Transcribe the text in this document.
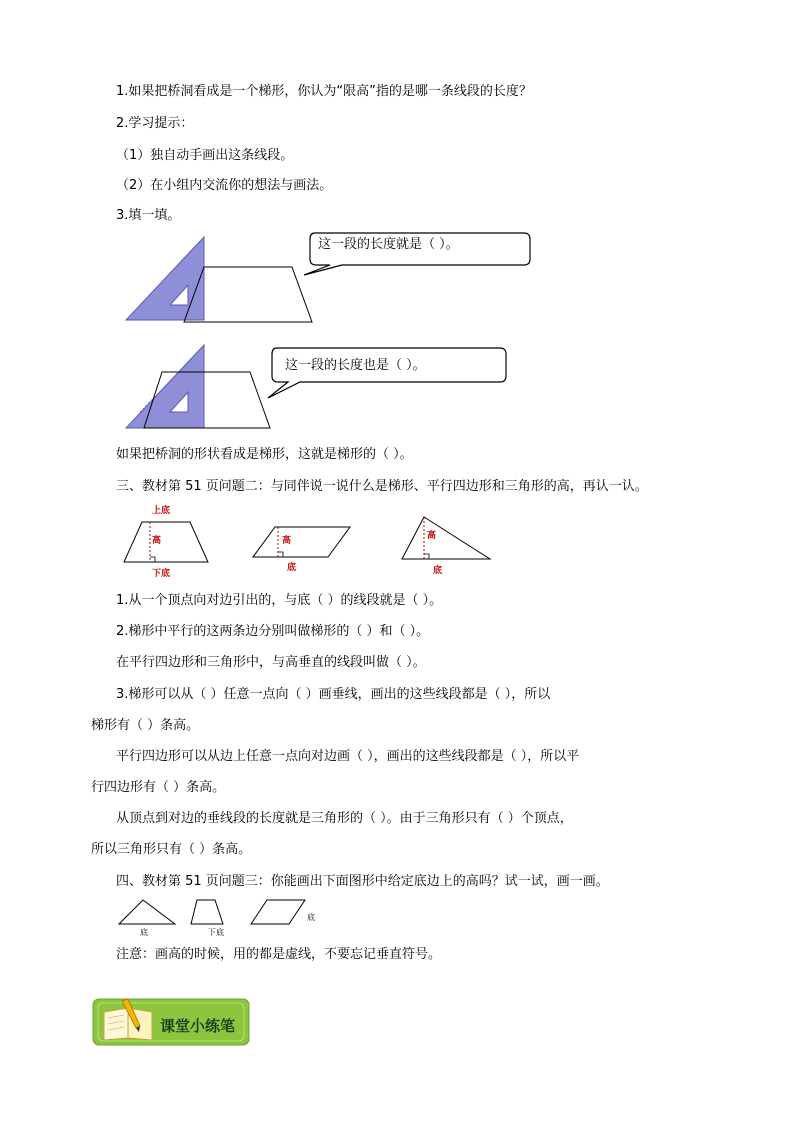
1.如果把桥洞看成是一个梯形，你认为“限高”指的是哪一条线段的长度？
2.学习提示：
（1）独自动手画出这条线段。
（2）在小组内交流你的想法与画法。
3.填一填。
这一段的长度就是（ ）。
这一段的长度也是（ ）。
如果把桥洞的形状看成是梯形，这就是梯形的（ ）。
三、教材第 51 页问题二：与同伴说一说什么是梯形、平行四边形和三角形的高，再认一认。
上底
高
下底
高
底
高
底
1.从一个顶点向对边引出的，与底（ ）的线段就是（ ）。
2.梯形中平行的这两条边分别叫做梯形的（ ）和（ ）。
在平行四边形和三角形中，与高垂直的线段叫做（ ）。
3.梯形可以从（ ）任意一点向（ ）画垂线，画出的这些线段都是（ ），所以
梯形有（ ）条高。
平行四边形可以从边上任意一点向对边画（ ），画出的这些线段都是（ ），所以平
行四边形有（ ）条高。
从顶点到对边的垂线段的长度就是三角形的（ ）。由于三角形只有（ ）个顶点，
所以三角形只有（ ）条高。
四、教材第 51 页问题三：你能画出下面图形中给定底边上的高吗？试一试，画一画。
底	下底
底
注意：画高的时候，用的都是虚线，不要忘记垂直符号。
课堂小练笔
